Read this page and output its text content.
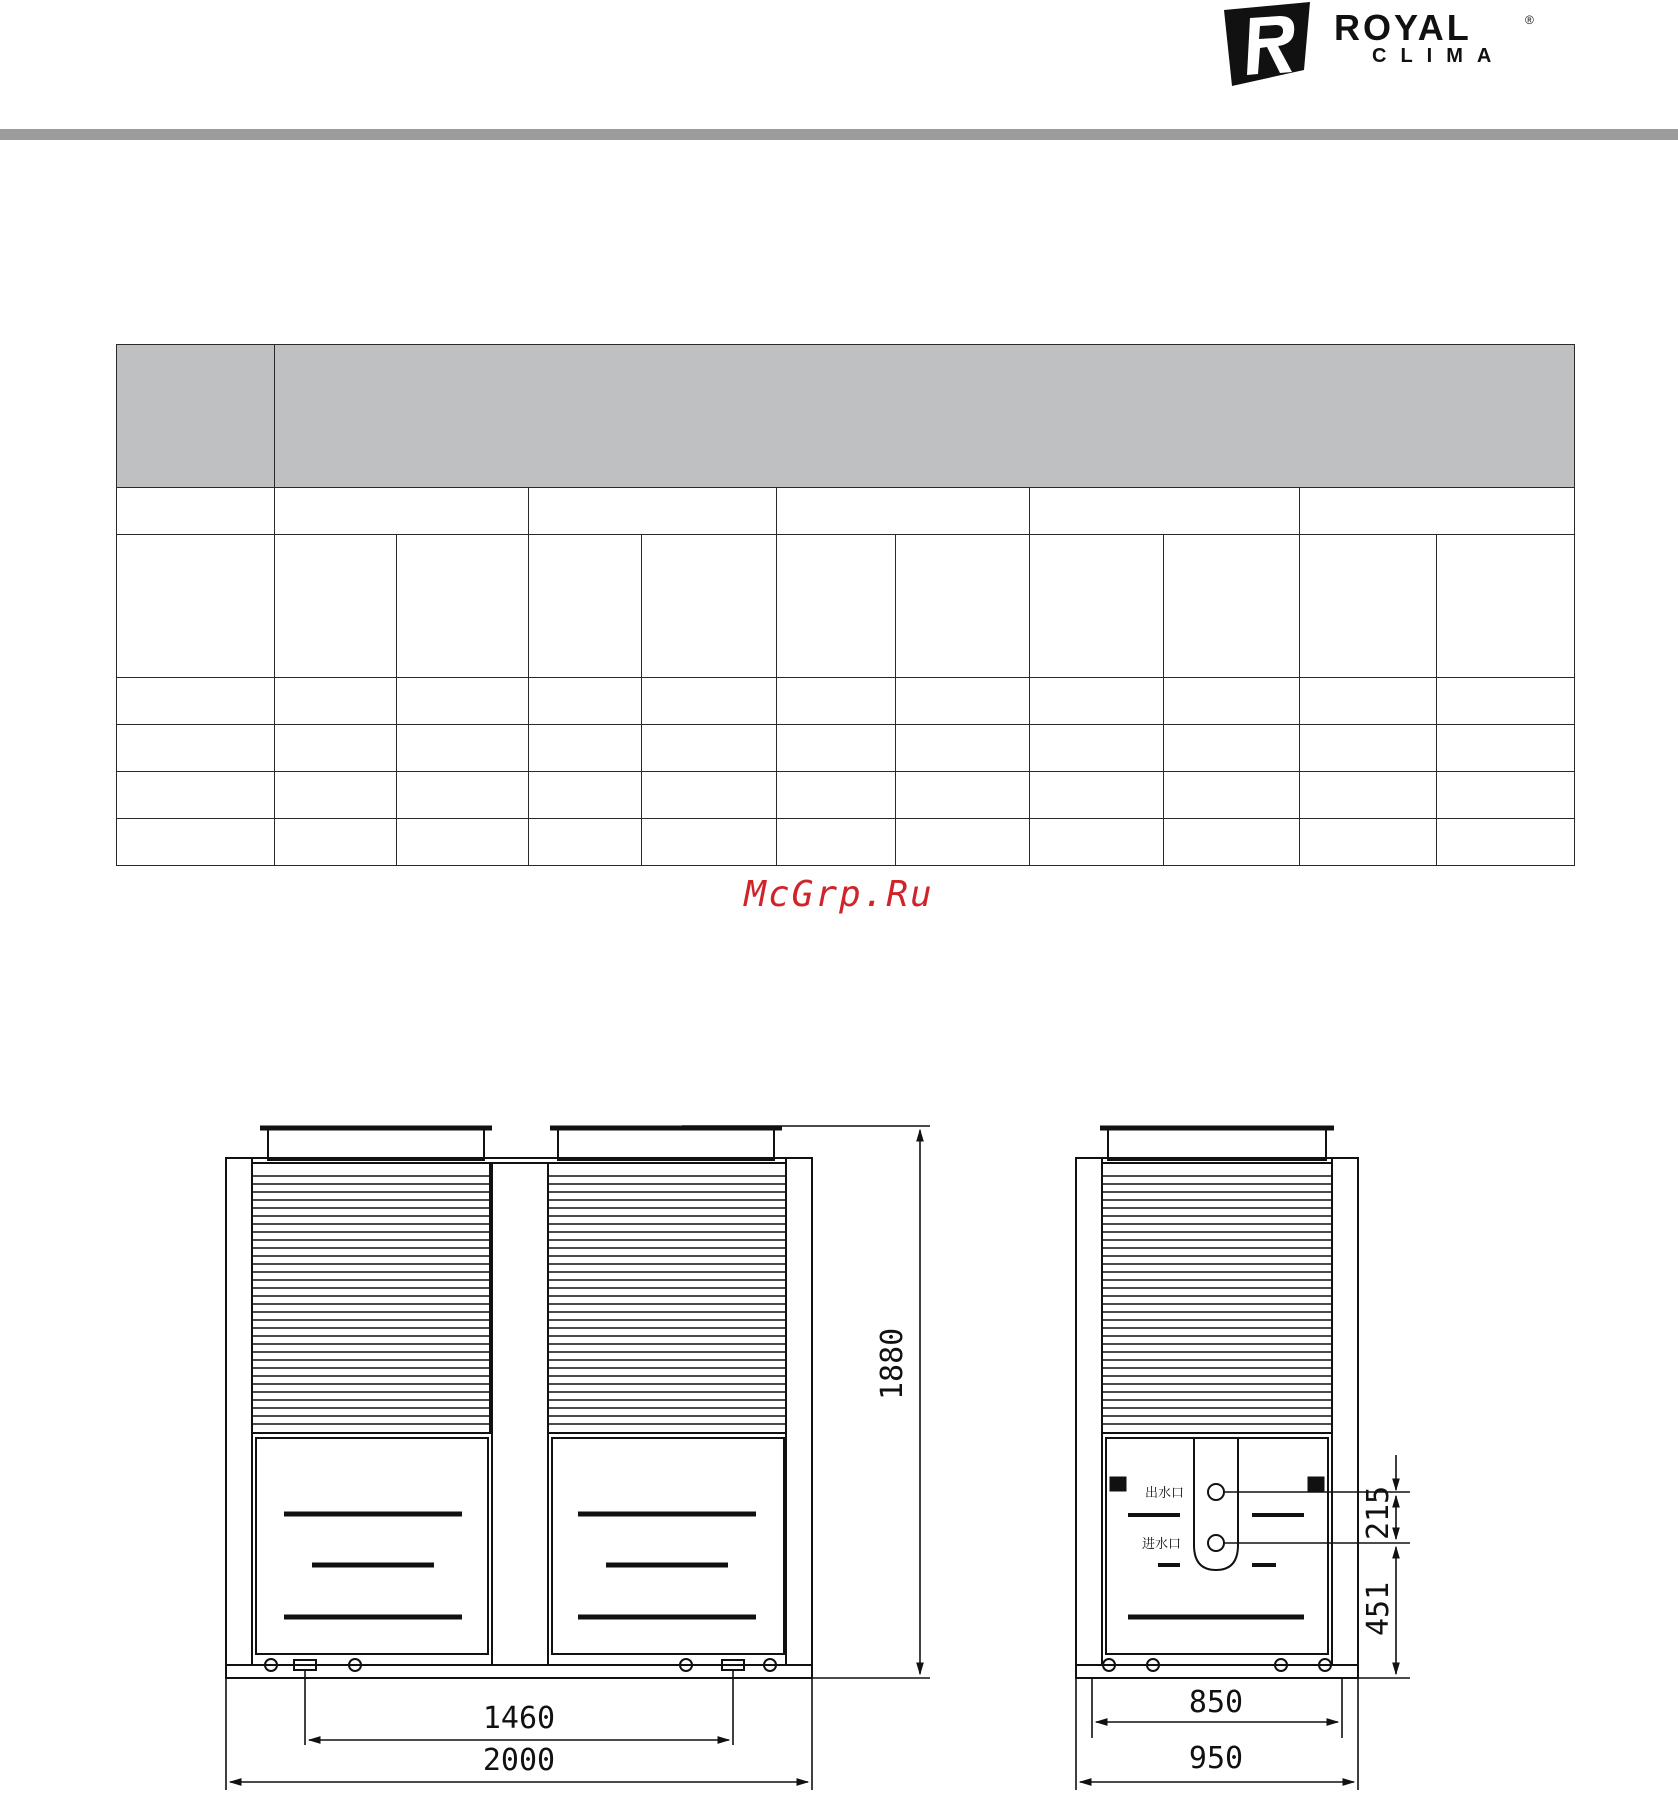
ROYAL	®
CLIMA

McGrp.Ru
1880
1460
2000
出水口
进水口
215
451
850
950
